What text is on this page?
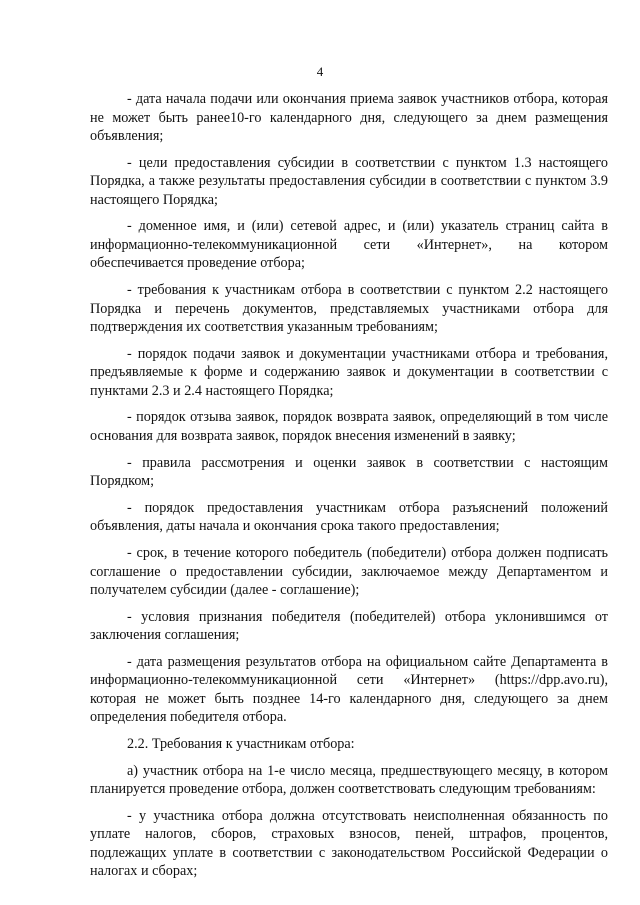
4

- дата начала подачи или окончания приема заявок участников отбора, которая не может быть ранее10-го календарного дня, следующего за днем размещения объявления;

- цели предоставления субсидии в соответствии с пунктом 1.3 настоящего Порядка, а также результаты предоставления субсидии в соответствии с пунктом 3.9 настоящего Порядка;

- доменное имя, и (или) сетевой адрес, и (или) указатель страниц сайта в информационно-телекоммуникационной сети «Интернет», на котором обеспечивается проведение отбора;

- требования к участникам отбора в соответствии с пунктом 2.2 настоящего Порядка и перечень документов, представляемых участниками отбора для подтверждения их соответствия указанным требованиям;

- порядок подачи заявок и документации участниками отбора и требования, предъявляемые к форме и содержанию заявок и документации в соответствии с пунктами 2.3 и 2.4 настоящего Порядка;

- порядок отзыва заявок, порядок возврата заявок, определяющий в том числе основания для возврата заявок, порядок внесения изменений в заявку;

- правила рассмотрения и оценки заявок в соответствии с настоящим Порядком;

- порядок предоставления участникам отбора разъяснений положений объявления, даты начала и окончания срока такого предоставления;

- срок, в течение которого победитель (победители) отбора должен подписать соглашение о предоставлении субсидии, заключаемое между Департаментом и получателем субсидии (далее - соглашение);

- условия признания победителя (победителей) отбора уклонившимся от заключения соглашения;

- дата размещения результатов отбора на официальном сайте Департамента в информационно-телекоммуникационной сети «Интернет» (https://dpp.avo.ru), которая не может быть позднее 14-го календарного дня, следующего за днем определения победителя отбора.

2.2. Требования к участникам отбора:

а) участник отбора на 1-е число месяца, предшествующего месяцу, в котором планируется проведение отбора, должен соответствовать следующим требованиям:

- у участника отбора должна отсутствовать неисполненная обязанность по уплате налогов, сборов, страховых взносов, пеней, штрафов, процентов, подлежащих уплате в соответствии с законодательством Российской Федерации о налогах и сборах;
